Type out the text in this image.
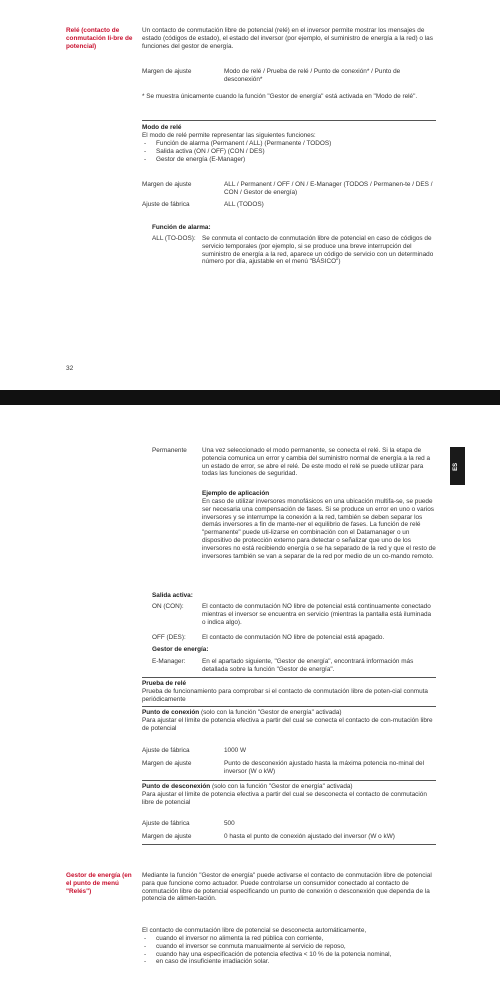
Relé (contacto de conmutación li-bre de potencial)
Un contacto de conmutación libre de potencial (relé) en el inversor permite mostrar los mensajes de estado (códigos de estado), el estado del inversor (por ejemplo, el suministro de energía a la red) o las funciones del gestor de energía.
Margen de ajuste	Modo de relé / Prueba de relé / Punto de conexión* / Punto de desconexión*
* Se muestra únicamente cuando la función "Gestor de energía" está activada en "Modo de relé".
Modo de relé
El modo de relé permite representar las siguientes funciones:
- Función de alarma (Permanent / ALL) (Permanente / TODOS)
- Salida activa (ON / OFF) (CON / DES)
- Gestor de energía (E-Manager)
Margen de ajuste	ALL / Permanent / OFF / ON / E-Manager (TODOS / Permanen-te / DES / CON / Gestor de energía)
Ajuste de fábrica	ALL (TODOS)
Función de alarma:
ALL (TO-DOS): Se conmuta el contacto de conmutación libre de potencial en caso de códigos de servicio temporales (por ejemplo, si se produce una breve interrupción del suministro de energía a la red, aparece un código de servicio con un determinado número por día, ajustable en el menú "BÁSICO")
32
ES
Permanente	Una vez seleccionado el modo permanente, se conecta el relé. Si la etapa de potencia comunica un error y cambia del suministro normal de energía a la red a un estado de error, se abre el relé. De este modo el relé se puede utilizar para todas las funciones de seguridad.
Ejemplo de aplicación
En caso de utilizar inversores monofásicos en una ubicación multifa-se, se puede ser necesaria una compensación de fases. Si se produce un error en uno o varios inversores y se interrumpe la conexión a la red, también se deben separar los demás inversores a fin de mante-ner el equilibrio de fases. La función de relé "permanente" puede uti-lizarse en combinación con el Datamanager o un dispositivo de protección externo para detectar o señalizar que uno de los inversores no está recibiendo energía o se ha separado de la red y que el resto de inversores también se van a separar de la red por medio de un co-mando remoto.
Salida activa:
ON (CON):	El contacto de conmutación NO libre de potencial está continuamente conectado mientras el inversor se encuentra en servicio (mientras la pantalla está iluminada o indica algo).
OFF (DES):	El contacto de conmutación NO libre de potencial está apagado.
Gestor de energía:
E-Manager:	En el apartado siguiente, "Gestor de energía", encontrará información más detallada sobre la función "Gestor de energía".
Prueba de relé
Prueba de funcionamiento para comprobar si el contacto de conmutación libre de poten-cial conmuta periódicamente
Punto de conexión (solo con la función "Gestor de energía" activada)
Para ajustar el límite de potencia efectiva a partir del cual se conecta el contacto de con-mutación libre de potencial
Ajuste de fábrica	1000 W
Margen de ajuste	Punto de desconexión ajustado hasta la máxima potencia no-minal del inversor (W o kW)
Punto de desconexión (solo con la función "Gestor de energía" activada)
Para ajustar el límite de potencia efectiva a partir del cual se desconecta el contacto de conmutación libre de potencial
Ajuste de fábrica	500
Margen de ajuste	0 hasta el punto de conexión ajustado del inversor (W o kW)
Gestor de energía (en el punto de menú "Relés")
Mediante la función "Gestor de energía" puede activarse el contacto de conmutación libre de potencial para que funcione como actuador. Puede controlarse un consumidor conectado al contacto de conmutación libre de potencial especificando un punto de conexión o desconexión que dependa de la potencia de alimen-tación.
El contacto de conmutación libre de potencial se desconecta automáticamente,
- cuando el inversor no alimenta la red pública con corriente,
- cuando el inversor se conmuta manualmente al servicio de reposo,
- cuando hay una especificación de potencia efectiva < 10 % de la potencia nominal,
- en caso de insuficiente irradiación solar.
